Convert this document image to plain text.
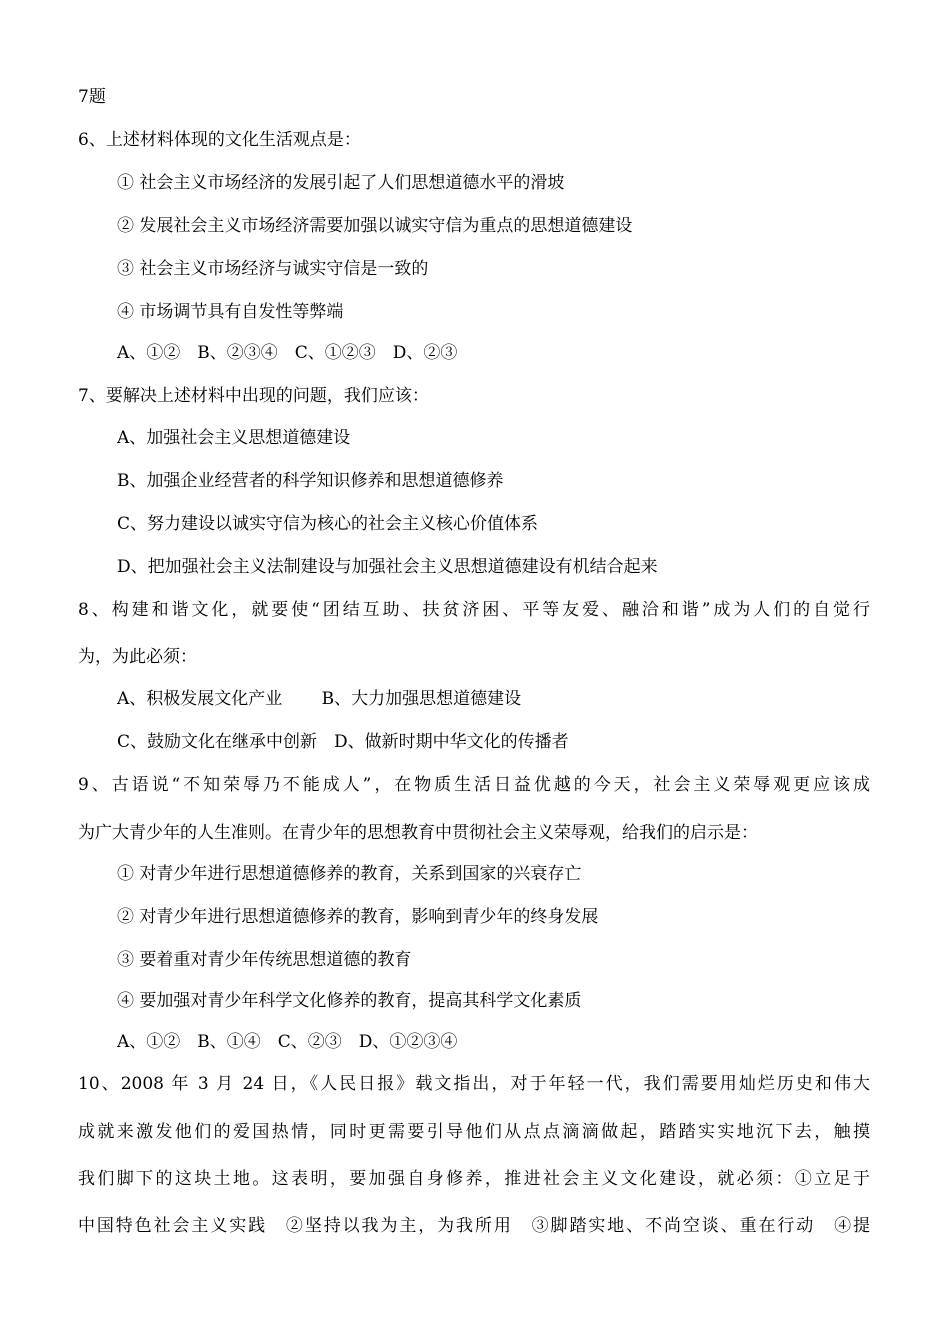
7题
6、上述材料体现的文化生活观点是：
① 社会主义市场经济的发展引起了人们思想道德水平的滑坡
② 发展社会主义市场经济需要加强以诚实守信为重点的思想道德建设
③ 社会主义市场经济与诚实守信是一致的
④ 市场调节具有自发性等弊端
A、①②　B、②③④　C、①②③　D、②③
7、要解决上述材料中出现的问题，我们应该：
A、加强社会主义思想道德建设
B、加强企业经营者的科学知识修养和思想道德修养
C、努力建设以诚实守信为核心的社会主义核心价值体系
D、把加强社会主义法制建设与加强社会主义思想道德建设有机结合起来
8、构建和谐文化，就要使“团结互助、扶贫济困、平等友爱、融洽和谐”成为人们的自觉行
为，为此必须：
A、积极发展文化产业　　 B、大力加强思想道德建设
C、鼓励文化在继承中创新　D、做新时期中华文化的传播者
9、古语说“不知荣辱乃不能成人”，在物质生活日益优越的今天，社会主义荣辱观更应该成
为广大青少年的人生准则。在青少年的思想教育中贯彻社会主义荣辱观，给我们的启示是：
① 对青少年进行思想道德修养的教育，关系到国家的兴衰存亡
② 对青少年进行思想道德修养的教育，影响到青少年的终身发展
③ 要着重对青少年传统思想道德的教育
④ 要加强对青少年科学文化修养的教育，提高其科学文化素质
A、①②　B、①④　C、②③　D、①②③④
10、2008 年 3 月 24 日，《人民日报》载文指出，对于年轻一代，我们需要用灿烂历史和伟大
成就来激发他们的爱国热情，同时更需要引导他们从点点滴滴做起，踏踏实实地沉下去，触摸
我们脚下的这块土地。这表明，要加强自身修养，推进社会主义文化建设，就必须：①立足于
中国特色社会主义实践　②坚持以我为主，为我所用　③脚踏实地、不尚空谈、重在行动　④提
